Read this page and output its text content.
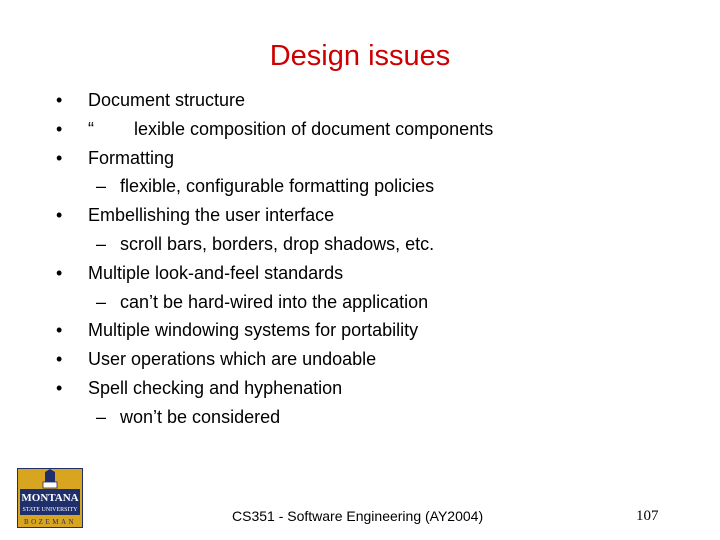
Design issues
•	Document structure
•	“        lexible composition of document components
•	Formatting
– flexible, configurable formatting policies
•	Embellishing the user interface
– scroll bars, borders, drop shadows, etc.
•	Multiple look-and-feel standards
– can’t be hard-wired into the application
•	Multiple windowing systems for portability
•	User operations which are undoable
•	Spell checking and hyphenation
– won’t be considered
MONTANA
STATE UNIVERSITY
BOZEMAN	CS351 - Software Engineering (AY2004)	107
